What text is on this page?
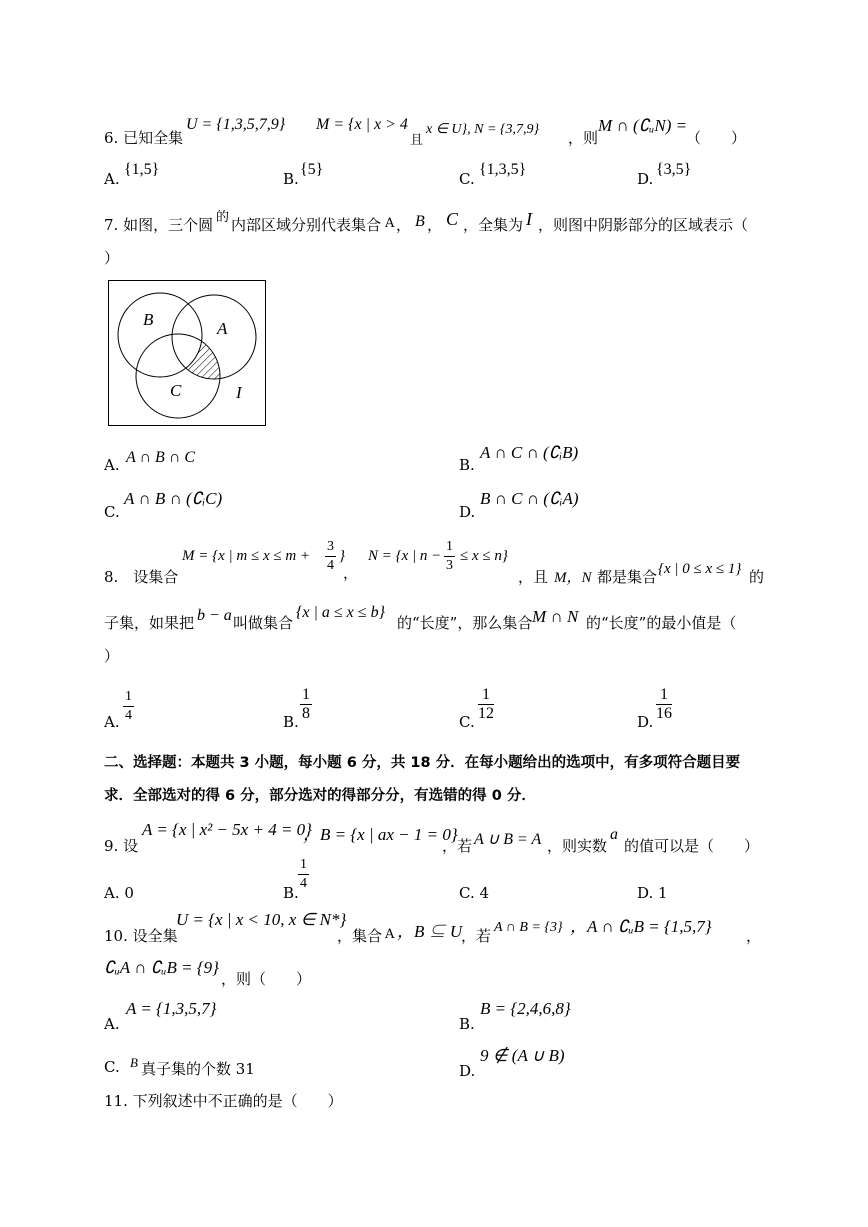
6. 已知全集
U = {1,3,5,7,9} M = {x | x > 4
且
x ∈ U}, N = {3,7,9} ，则
M ∩ (∁ᵤN) =
（　　）
A.
{1,5}
B.
{5}
C.
{1,3,5}
D.
{3,5}
7. 如图，三个圆 的 内部区域分别代表集合 A ， B ， C ，全集为 I ，则图中阴影部分的区域表示（
）
B	A
C	I
A. A ∩ B ∩ C	B.
A ∩ C ∩ (∁ᵢB)
C.
A ∩ B ∩ (∁ᵢC)
D.
B ∩ C ∩ (∁ᵢA)
8.　设集合
M = {x | $m \le x \le m + \frac{3}{4}$ }
，
N = {x | $n - \frac{1}{3} \le x \le n$}
，且 M，N 都是集合 {x | 0 ≤ x ≤ 1} 的
子集，如果把 b − a 叫做集合
{x | a ≤ x ≤ b}
的“长度”，那么集合 M ∩ N 的“长度”的最小值是（
）
A. $\frac{1}{4}$	B. $\frac{1}{8}$	C. $\frac{1}{12}$	D. $\frac{1}{16}$
二、选择题：本题共 3 小题，每小题 6 分，共 18 分．在每小题给出的选项中，有多项符合题目要
求．全部选对的得 6 分，部分选对的得部分分，有选错的得 0 分．
9. 设
A = {x | x² − 5x + 4 = 0}
，B = {x | ax − 1 = 0}
，若 A ∪ B = A ，则实数
a
的值可以是（　　）
A. 0	B. $\frac{1}{4}$	C. 4	D. 1
10. 设全集
U = {x | x < 10, x ∈ N*}
，集合 A ，B ⊆ U
，若 A ∩ B = {3} ，A ∩ ∁ᵤB = {1,5,7} ，
∁ᵤA ∩ ∁ᵤB = {9}
，则（　　）
A.
A = {1,3,5,7}
B.
B = {2,4,6,8}
C. B 真子集的个数 31	D.
9 ∉ (A ∪ B)
11. 下列叙述中不正确的是（　　）
